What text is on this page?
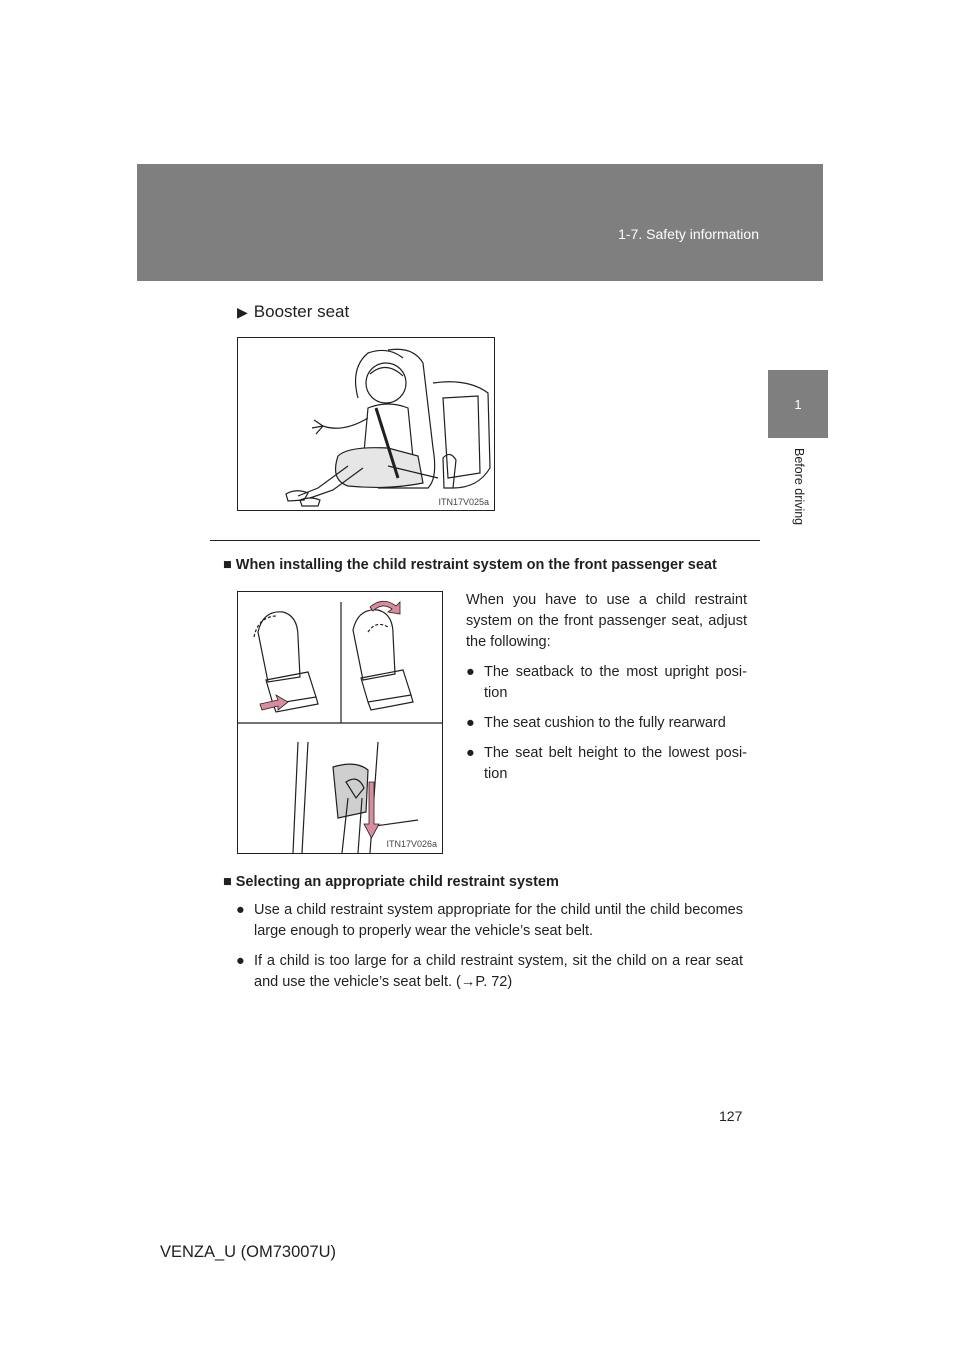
1-7. Safety information
1
Before driving
▶ Booster seat
ITN17V025a
■ When installing the child restraint system on the front passenger seat
ITN17V026a
When you have to use a child restraint system on the front passenger seat, adjust the following:
● The seatback to the most upright posi-tion
● The seat cushion to the fully rearward
● The seat belt height to the lowest posi-tion
■ Selecting an appropriate child restraint system
● Use a child restraint system appropriate for the child until the child becomes large enough to properly wear the vehicle’s seat belt.
● If a child is too large for a child restraint system, sit the child on a rear seat and use the vehicle’s seat belt. (→P. 72)
127
VENZA_U (OM73007U)
